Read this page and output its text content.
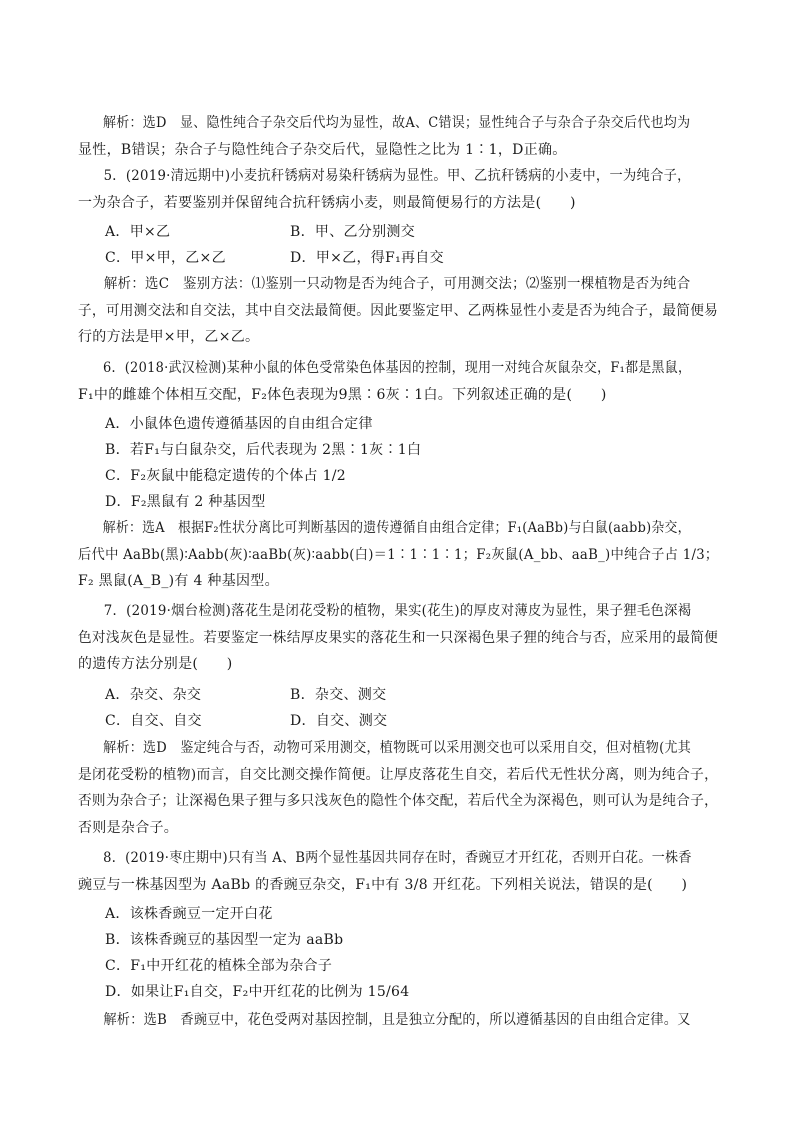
解析：选D　显、隐性纯合子杂交后代均为显性，故A、C错误；显性纯合子与杂合子杂交后代也均为
显性，B错误；杂合子与隐性纯合子杂交后代，显隐性之比为 1∶1，D正确。
5．(2019·清远期中)小麦抗秆锈病对易染秆锈病为显性。甲、乙抗秆锈病的小麦中，一为纯合子，
一为杂合子，若要鉴别并保留纯合抗秆锈病小麦，则最简便易行的方法是(　　)
A．甲×乙	B．甲、乙分别测交
C．甲×甲，乙×乙	D．甲×乙，得F₁再自交
解析：选C　鉴别方法：⑴鉴别一只动物是否为纯合子，可用测交法；⑵鉴别一棵植物是否为纯合
子，可用测交法和自交法，其中自交法最简便。因此要鉴定甲、乙两株显性小麦是否为纯合子，最简便易
行的方法是甲×甲，乙×乙。
6．(2018·武汉检测)某种小鼠的体色受常染色体基因的控制，现用一对纯合灰鼠杂交，F₁都是黑鼠，
F₁中的雌雄个体相互交配，F₂体色表现为9黑∶6灰∶1白。下列叙述正确的是(　　)
A．小鼠体色遗传遵循基因的自由组合定律
B．若F₁与白鼠杂交，后代表现为 2黑∶1灰∶1白
C．F₂灰鼠中能稳定遗传的个体占 1/2
D．F₂黑鼠有 2 种基因型
解析：选A　根据F₂性状分离比可判断基因的遗传遵循自由组合定律；F₁(AaBb)与白鼠(aabb)杂交，
后代中 AaBb(黑)∶Aabb(灰)∶aaBb(灰)∶aabb(白)＝1∶1∶1∶1；F₂灰鼠(A_bb、aaB_)中纯合子占 1/3；
F₂ 黑鼠(A_B_)有 4 种基因型。
7．(2019·烟台检测)落花生是闭花受粉的植物，果实(花生)的厚皮对薄皮为显性，果子狸毛色深褐
色对浅灰色是显性。若要鉴定一株结厚皮果实的落花生和一只深褐色果子狸的纯合与否，应采用的最简便
的遗传方法分别是(　　)
A．杂交、杂交	B．杂交、测交
C．自交、自交	D．自交、测交
解析：选D　鉴定纯合与否，动物可采用测交，植物既可以采用测交也可以采用自交，但对植物(尤其
是闭花受粉的植物)而言，自交比测交操作简便。让厚皮落花生自交，若后代无性状分离，则为纯合子，
否则为杂合子；让深褐色果子狸与多只浅灰色的隐性个体交配，若后代全为深褐色，则可认为是纯合子，
否则是杂合子。
8．(2019·枣庄期中)只有当 A、B两个显性基因共同存在时，香豌豆才开红花，否则开白花。一株香
豌豆与一株基因型为 AaBb 的香豌豆杂交，F₁中有 3/8 开红花。下列相关说法，错误的是(　　)
A．该株香豌豆一定开白花
B．该株香豌豆的基因型一定为 aaBb
C．F₁中开红花的植株全部为杂合子
D．如果让F₁自交，F₂中开红花的比例为 15/64
解析：选B　香豌豆中，花色受两对基因控制，且是独立分配的，所以遵循基因的自由组合定律。又
